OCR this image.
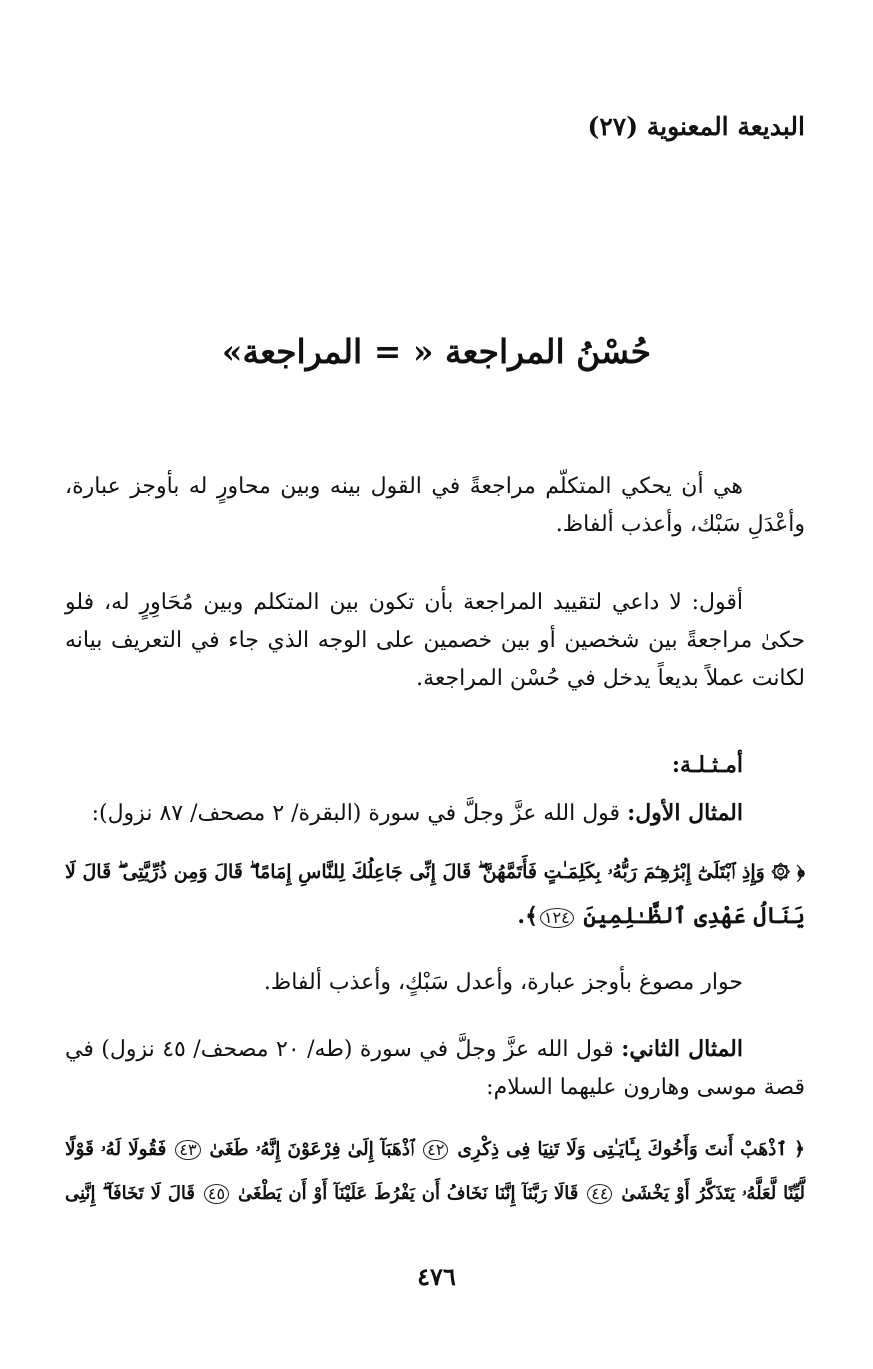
البديعة المعنوية (٢٧)
حُسْنُ المراجعة « = المراجعة»
هي أن يحكي المتكلّم مراجعةً في القول بينه وبين محاورٍ له بأوجز عبارة،
وأعْدَلِ سَبْك، وأعذب ألفاظ.
أقول: لا داعي لتقييد المراجعة بأن تكون بين المتكلم وبين مُحَاوِرٍ له، فلو
حكىٰ مراجعةً بين شخصين أو بين خصمين على الوجه الذي جاء في التعريف بيانه
لكانت عملاً بديعاً يدخل في حُسْن المراجعة.
أمـثـلـة:
المثال الأول: قول الله عزَّ وجلَّ في سورة (البقرة/ ٢ مصحف/ ٨٧ نزول):
﴿ ۞ وَإِذِ ٱبْتَلَىٰٓ إِبْرَٰهِـۧمَ رَبُّهُۥ بِكَلِمَـٰتٍ فَأَتَمَّهُنَّ ۖ قَالَ إِنِّى جَاعِلُكَ لِلنَّاسِ إِمَامًا ۖ قَالَ وَمِن ذُرِّيَّتِى ۖ قَالَ لَا
يَنَالُ عَهْدِى ٱلظَّـٰلِمِينَ ١٢٤﴾.
حوار مصوغ بأوجز عبارة، وأعدل سَبْكٍ، وأعذب ألفاظ.
المثال الثاني: قول الله عزَّ وجلَّ في سورة (طه/ ٢٠ مصحف/ ٤٥ نزول) في
قصة موسى وهارون عليهما السلام:
﴿ ٱذْهَبْ أَنتَ وَأَخُوكَ بِـَٔايَـٰتِى وَلَا تَنِيَا فِى ذِكْرِى ٤٢ ٱذْهَبَآ إِلَىٰ فِرْعَوْنَ إِنَّهُۥ طَغَىٰ ٤٣ فَقُولَا لَهُۥ قَوْلًا
لَّيِّنًا لَّعَلَّهُۥ يَتَذَكَّرُ أَوْ يَخْشَىٰ ٤٤ قَالَا رَبَّنَآ إِنَّنَا نَخَافُ أَن يَفْرُطَ عَلَيْنَآ أَوْ أَن يَطْغَىٰ ٤٥ قَالَ لَا تَخَافَآ ۖ إِنَّنِى
٤٧٦
